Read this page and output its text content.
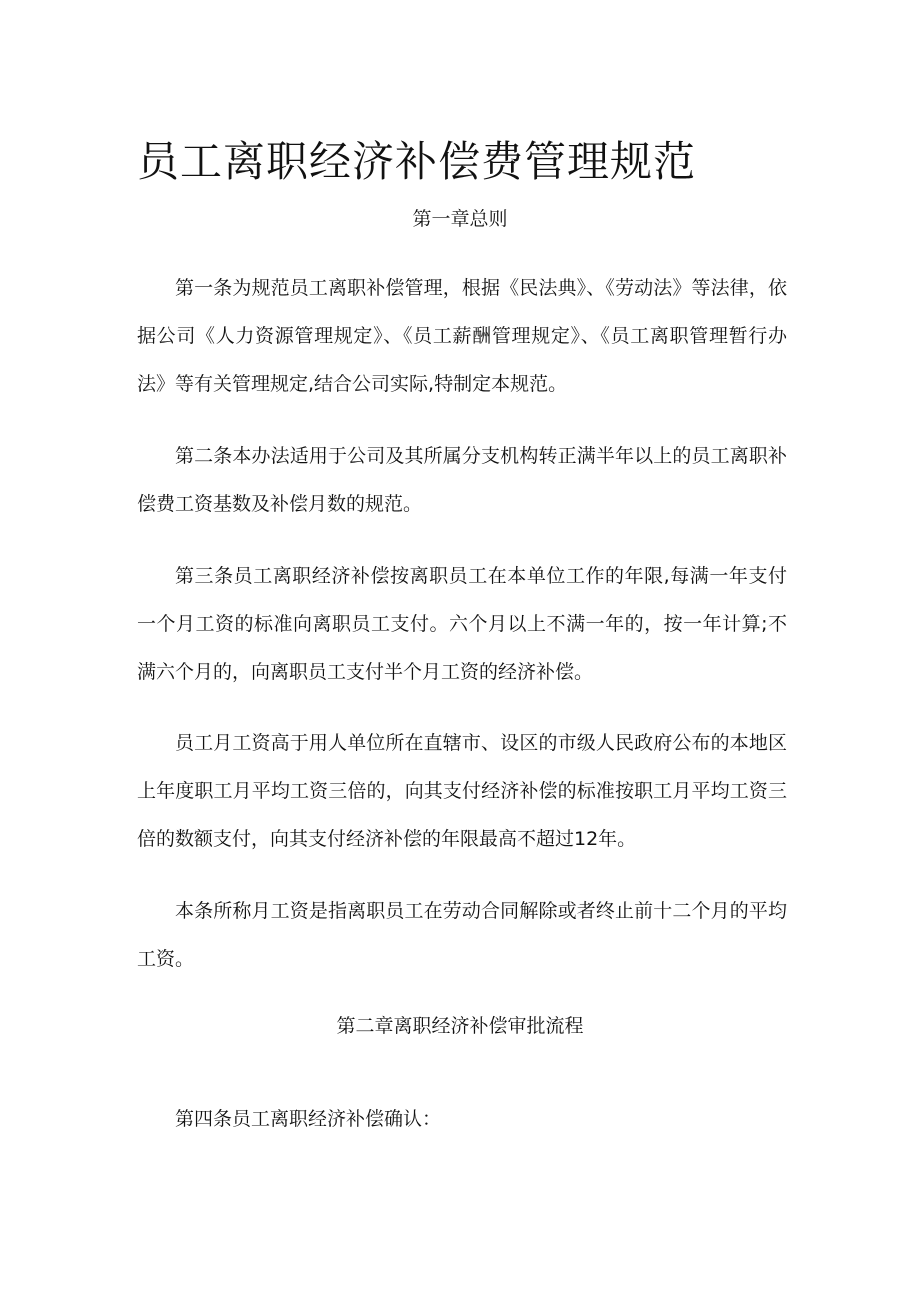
员工离职经济补偿费管理规范
第一章总则

第一条为规范员工离职补偿管理，根据《民法典》、《劳动法》等法律，依据公司《人力资源管理规定》、《员工薪酬管理规定》、《员工离职管理暂行办法》等有关管理规定,结合公司实际,特制定本规范。

第二条本办法适用于公司及其所属分支机构转正满半年以上的员工离职补偿费工资基数及补偿月数的规范。

第三条员工离职经济补偿按离职员工在本单位工作的年限,每满一年支付一个月工资的标准向离职员工支付。六个月以上不满一年的，按一年计算;不满六个月的，向离职员工支付半个月工资的经济补偿。

员工月工资高于用人单位所在直辖市、设区的市级人民政府公布的本地区上年度职工月平均工资三倍的，向其支付经济补偿的标准按职工月平均工资三倍的数额支付，向其支付经济补偿的年限最高不超过12年。

本条所称月工资是指离职员工在劳动合同解除或者终止前十二个月的平均工资。

第二章离职经济补偿审批流程

第四条员工离职经济补偿确认：
